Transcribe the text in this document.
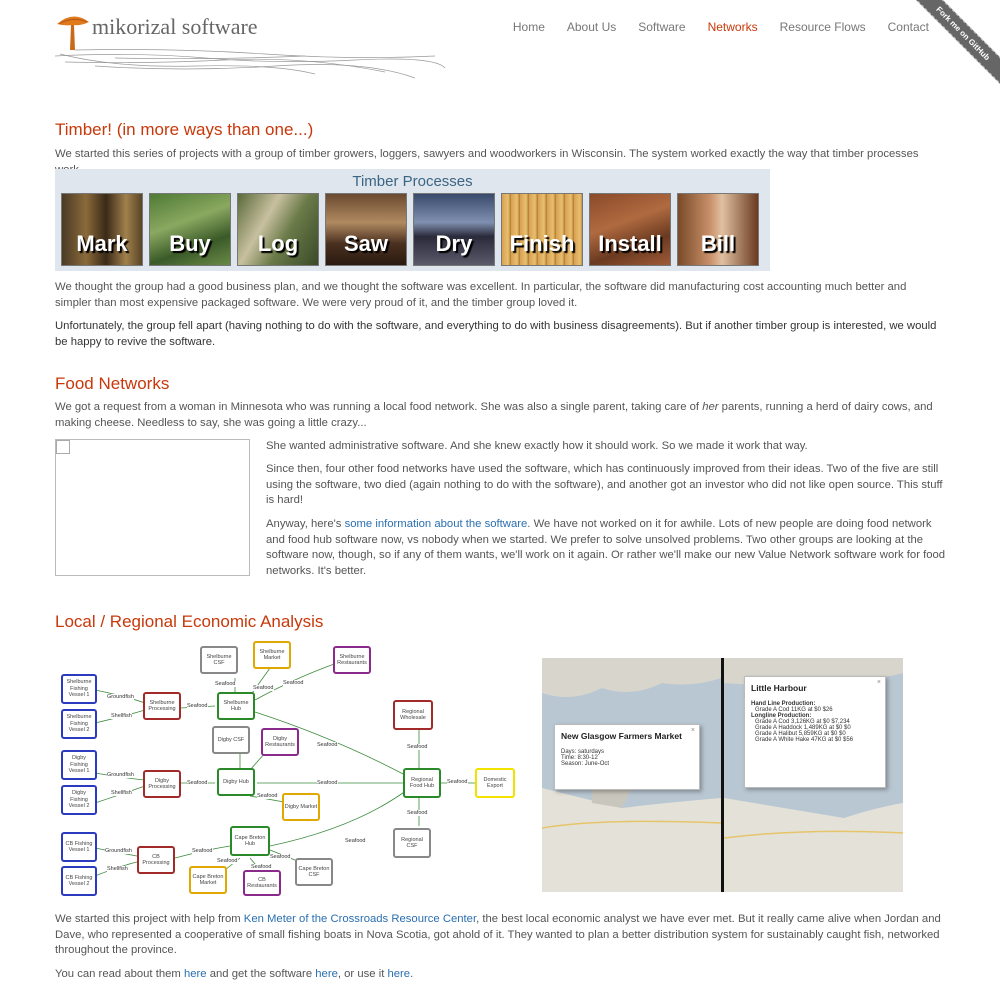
mikorizal software	Home	About Us	Software	Networks	Resource Flows	Contact Fork me on GitHub
Timber! (in more ways than one...)

We started this series of projects with a group of timber growers, loggers, sawyers and woodworkers in Wisconsin. The system worked exactly the way that timber processes

Timber Processes
Mark	Buy	Log	Saw	Dry	Finish	Install	Bill

We thought the group had a good business plan, and we thought the software was excellent. In particular, the software did manufacturing cost accounting much better and simpler than most expensive packaged software. We were very proud of it, and the timber group loved it.

Unfortunately, the group fell apart (having nothing to do with the software, and everything to do with business disagreements). But if another timber group is interested, we would be happy to revive the software.

Food Networks

We got a request from a woman in Minnesota who was running a local food network. She was also a single parent, taking care of her parents, running a herd of dairy cows, and making cheese. Needless to say, she was going a little crazy...

She wanted administrative software. And she knew exactly how it should work. So we made it work that way.

Since then, four other food networks have used the software, which has continuously improved from their ideas. Two of the five are still using the software, two died (again nothing to do with the software), and another got an investor who did not like open source. This stuff is hard!

Anyway, here's some information about the software. We have not worked on it for awhile. Lots of new people are doing food network and food hub software now, vs nobody when we started. We prefer to solve unsolved problems. Two other groups are looking at the software now, though, so if any of them wants, we'll work on it again. Or rather we'll make our new Value Network software work for food networks. It's better.

Local / Regional Economic Analysis
Shelburne Fishing Vessel 1
Shelburne Fishing Vessel 2
Digby Fishing Vessel 1
Digby Fishing Vessel 2
CB Fishing Vessel 1
CB Fishing Vessel 2
Shelburne Processing
Digby Processing
CB Processing
Shelburne CSF
Shelburne Market	Shelburne Restaurants
Shelburne Hub
Digby CSF	Digby Restaurants
Digby Hub
Digby Market
Cape Breton Hub
Cape Breton Market
CB Restaurants
Cape Breton CSF
Regional Wholesale
Regional Food Hub
Domestic Export
Regional CSF
Groundfish
Shellfish
Seafood
Seafood
Seafood
Seafood
Seafood
Groundfish
Shellfish
Seafood
Seafood
Seafood
Groundfish
Shellfish
Seafood
Seafood
Seafood
Seafood
Seafood
Seafood
Seafood
Seafood
×
New Glasgow Farmers Market
Days: saturdays
Time: 8:30-12
Season: June-Oct
×
Little Harbour
Hand Line Production:
Grade A Cod 11KG at $0 $26
Longline Production:
Grade A Cod 3,126KG at $0 $7,234
Grade A Haddock 1,489KG at $0 $0
Grade A Halibut 5,859KG at $0 $0
Grade A White Hake 47KG at $0 $56

We started this project with help from Ken Meter of the Crossroads Resource Center, the best local economic analyst we have ever met. But it really came alive when Jordan and Dave, who represented a cooperative of small fishing boats in Nova Scotia, got ahold of it. They wanted to plan a better distribution system for sustainably caught fish, networked throughout the province.

You can read about them here and get the software here, or use it here.
